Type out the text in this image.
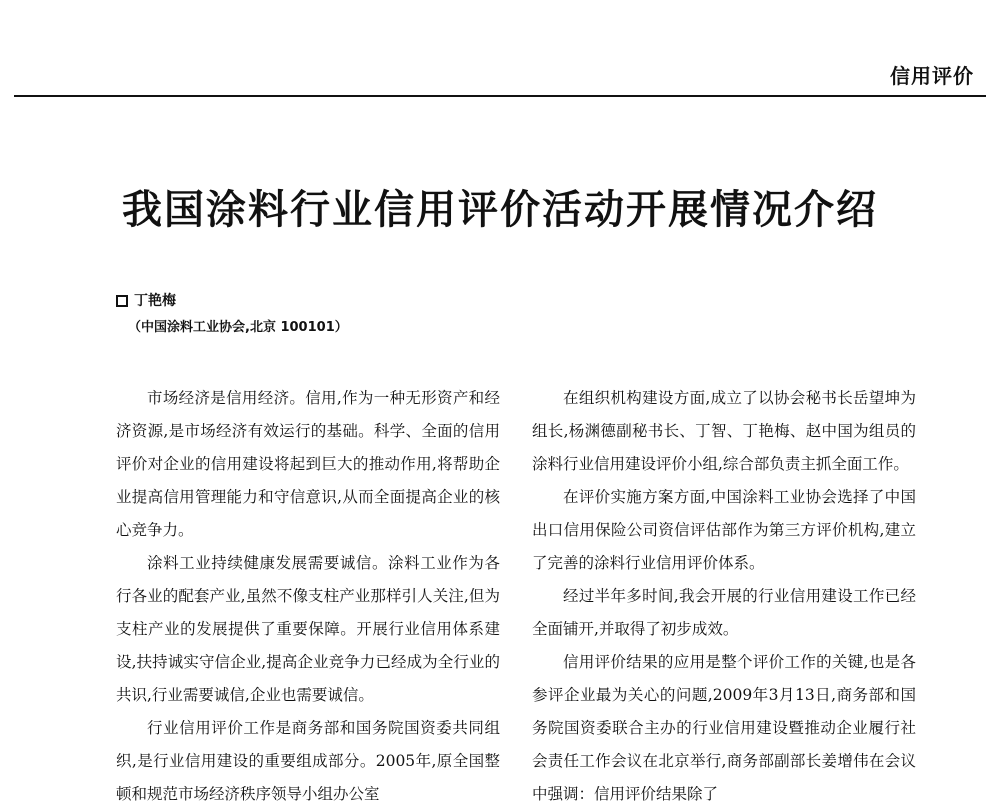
信用评价
我国涂料行业信用评价活动开展情况介绍
丁艳梅
（中国涂料工业协会,北京 100101）

市场经济是信用经济。信用,作为一种无形资产和经济资源,是市场经济有效运行的基础。科学、全面的信用评价对企业的信用建设将起到巨大的推动作用,将帮助企业提高信用管理能力和守信意识,从而全面提高企业的核心竞争力。

涂料工业持续健康发展需要诚信。涂料工业作为各行各业的配套产业,虽然不像支柱产业那样引人关注,但为支柱产业的发展提供了重要保障。开展行业信用体系建设,扶持诚实守信企业,提高企业竞争力已经成为全行业的共识,行业需要诚信,企业也需要诚信。

行业信用评价工作是商务部和国务院国资委共同组织,是行业信用建设的重要组成部分。2005年,原全国整顿和规范市场经济秩序领导小组办公室

在组织机构建设方面,成立了以协会秘书长岳望坤为组长,杨渊德副秘书长、丁智、丁艳梅、赵中国为组员的涂料行业信用建设评价小组,综合部负责主抓全面工作。

在评价实施方案方面,中国涂料工业协会选择了中国出口信用保险公司资信评估部作为第三方评价机构,建立了完善的涂料行业信用评价体系。

经过半年多时间,我会开展的行业信用建设工作已经全面铺开,并取得了初步成效。

信用评价结果的应用是整个评价工作的关键,也是各参评企业最为关心的问题,2009年3月13日,商务部和国务院国资委联合主办的行业信用建设暨推动企业履行社会责任工作会议在北京举行,商务部副部长姜增伟在会议中强调：信用评价结果除了
